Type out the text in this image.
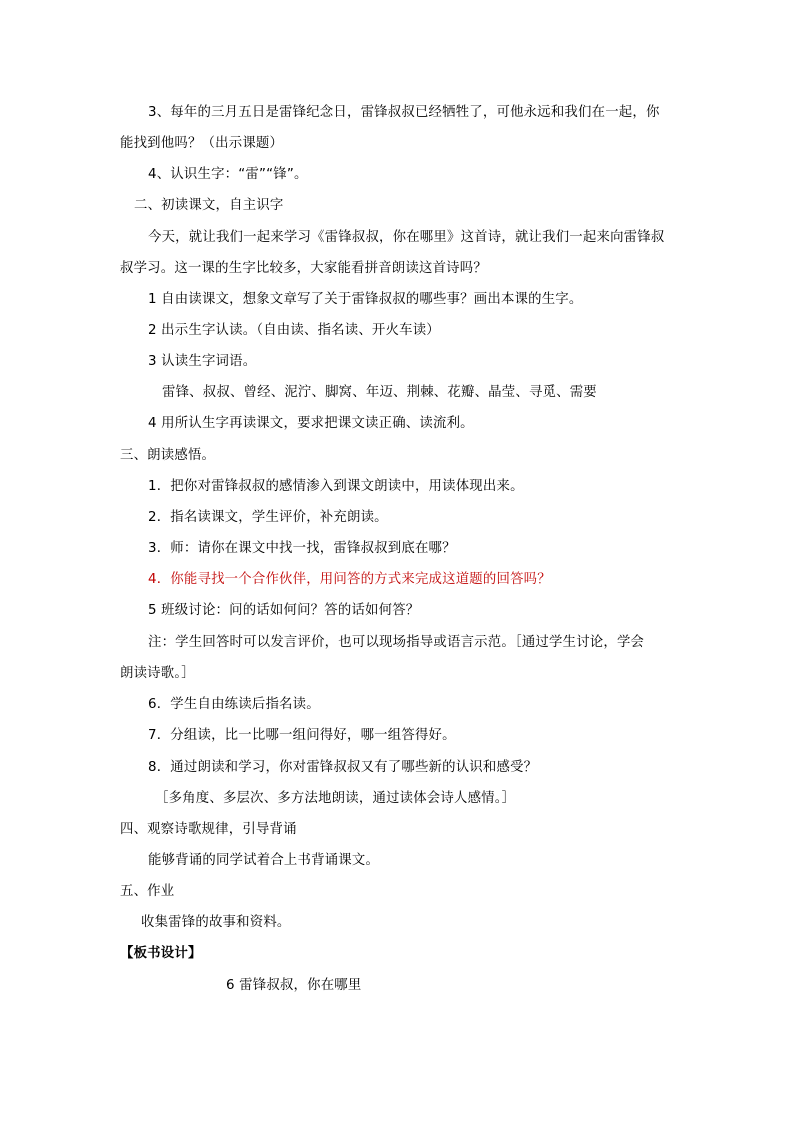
3、每年的三月五日是雷锋纪念日，雷锋叔叔已经牺牲了，可他永远和我们在一起，你
能找到他吗？（出示课题）
4、认识生字：“雷”“锋”。
二、初读课文，自主识字
今天，就让我们一起来学习《雷锋叔叔，你在哪里》这首诗，就让我们一起来向雷锋叔
叔学习。这一课的生字比较多，大家能看拼音朗读这首诗吗？
1 自由读课文，想象文章写了关于雷锋叔叔的哪些事？画出本课的生字。
2 出示生字认读。（自由读、指名读、开火车读）
3 认读生字词语。
雷锋、叔叔、曾经、泥泞、脚窝、年迈、荆棘、花瓣、晶莹、寻觅、需要
4 用所认生字再读课文，要求把课文读正确、读流利。
三、朗读感悟。
1．把你对雷锋叔叔的感情渗入到课文朗读中，用读体现出来。
2．指名读课文，学生评价，补充朗读。
3．师：请你在课文中找一找，雷锋叔叔到底在哪？
4．你能寻找一个合作伙伴，用问答的方式来完成这道题的回答吗？
5 班级讨论：问的话如何问？答的话如何答？
注：学生回答时可以发言评价，也可以现场指导或语言示范。［通过学生讨论，学会
朗读诗歌。］
6．学生自由练读后指名读。
7．分组读，比一比哪一组问得好，哪一组答得好。
8．通过朗读和学习，你对雷锋叔叔又有了哪些新的认识和感受？
［多角度、多层次、多方法地朗读，通过读体会诗人感情。］
四、观察诗歌规律，引导背诵
能够背诵的同学试着合上书背诵课文。
五、作业
收集雷锋的故事和资料。
【板书设计】
6 雷锋叔叔，你在哪里
